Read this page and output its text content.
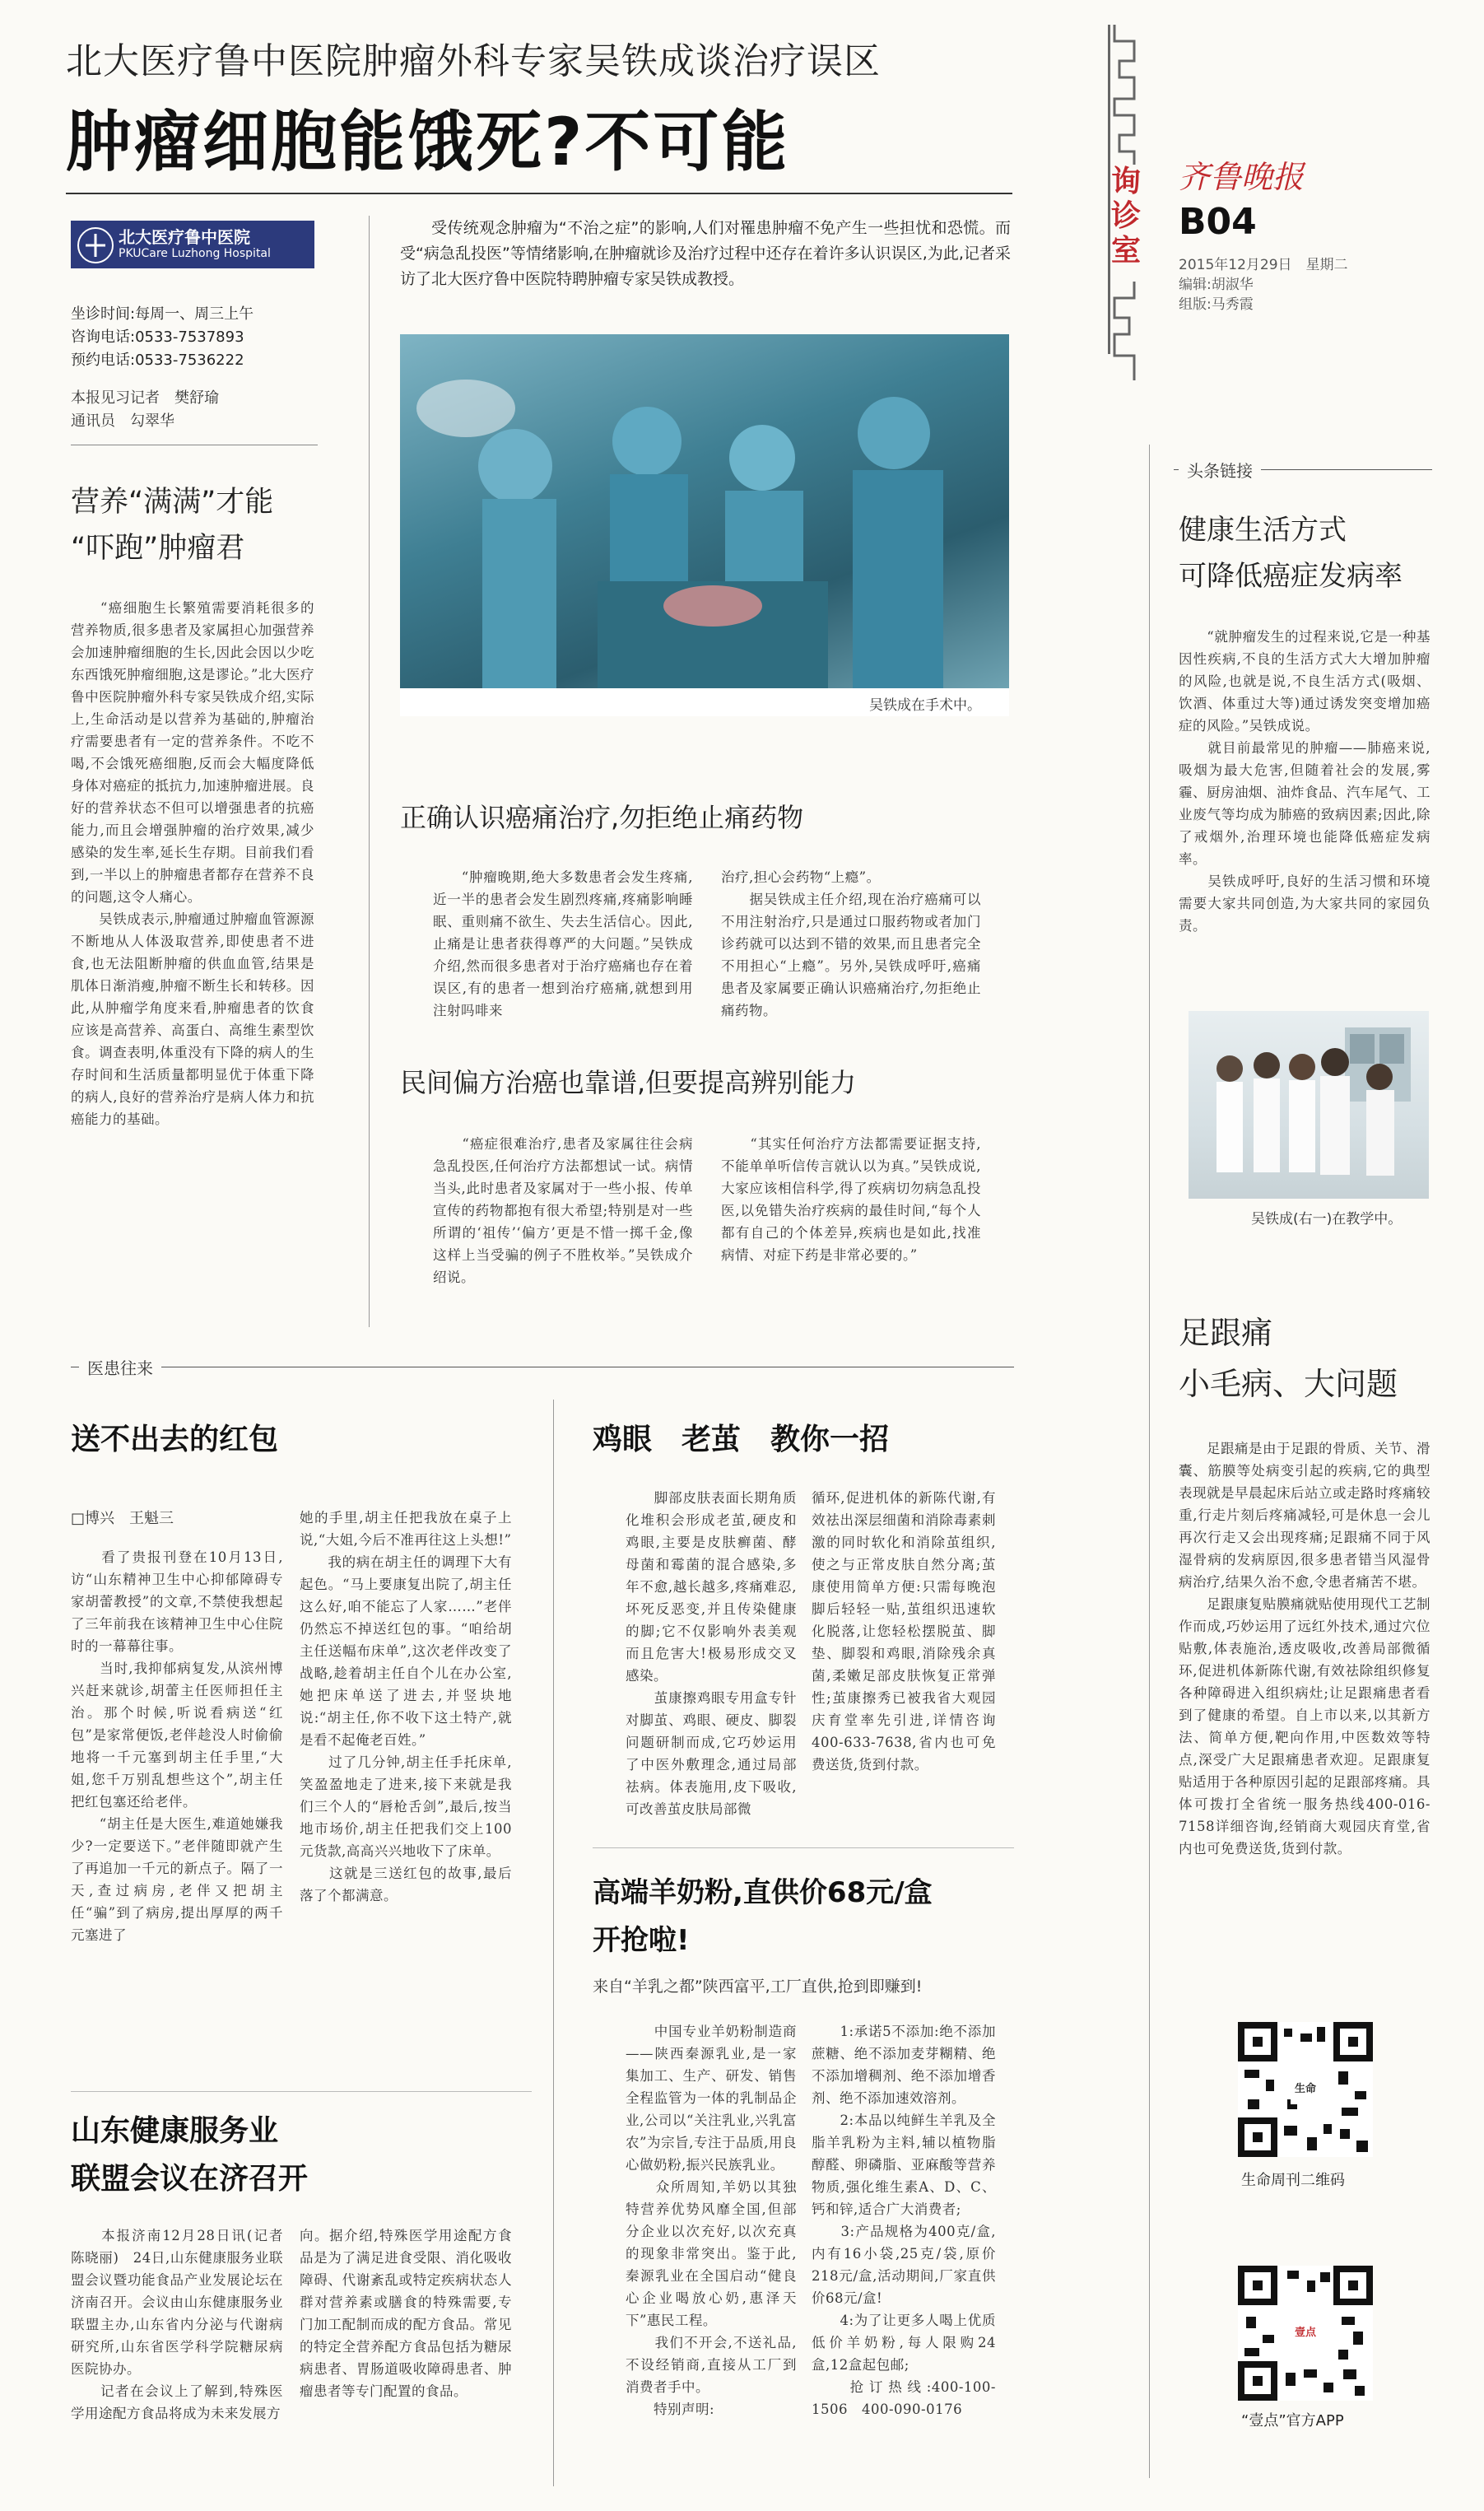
北大医疗鲁中医院肿瘤外科专家吴铁成谈治疗误区
肿瘤细胞能饿死?不可能
北大医疗鲁中医院
PKUCare Luzhong Hospital
坐诊时间:每周一、周三上午
咨询电话:0533-7537893
预约电话:0533-7536222
本报见习记者　樊舒瑜
通讯员　勾翠华
受传统观念肿瘤为“不治之症”的影响,人们对罹患肿瘤不免产生一些担忧和恐慌。而受“病急乱投医”等情绪影响,在肿瘤就诊及治疗过程中还存在着许多认识误区,为此,记者采访了北大医疗鲁中医院特聘肿瘤专家吴铁成教授。
吴铁成在手术中。
营养“满满”才能
“吓跑”肿瘤君
　　“癌细胞生长繁殖需要消耗很多的营养物质,很多患者及家属担心加强营养会加速肿瘤细胞的生长,因此会因以少吃东西饿死肿瘤细胞,这是谬论。”北大医疗鲁中医院肿瘤外科专家吴铁成介绍,实际上,生命活动是以营养为基础的,肿瘤治疗需要患者有一定的营养条件。不吃不喝,不会饿死癌细胞,反而会大幅度降低身体对癌症的抵抗力,加速肿瘤进展。良好的营养状态不但可以增强患者的抗癌能力,而且会增强肿瘤的治疗效果,减少感染的发生率,延长生存期。目前我们看到,一半以上的肿瘤患者都存在营养不良的问题,这令人痛心。
　　吴铁成表示,肿瘤通过肿瘤血管源源不断地从人体汲取营养,即使患者不进食,也无法阻断肿瘤的供血血管,结果是肌体日渐消瘦,肿瘤不断生长和转移。因此,从肿瘤学角度来看,肿瘤患者的饮食应该是高营养、高蛋白、高维生素型饮食。调查表明,体重没有下降的病人的生存时间和生活质量都明显优于体重下降的病人,良好的营养治疗是病人体力和抗癌能力的基础。
正确认识癌痛治疗,勿拒绝止痛药物
　　“肿瘤晚期,绝大多数患者会发生疼痛,近一半的患者会发生剧烈疼痛,疼痛影响睡眠、重则痛不欲生、失去生活信心。因此,止痛是让患者获得尊严的大问题。”吴铁成介绍,然而很多患者对于治疗癌痛也存在着误区,有的患者一想到治疗癌痛,就想到用注射吗啡来
治疗,担心会药物“上瘾”。
　　据吴铁成主任介绍,现在治疗癌痛可以不用注射治疗,只是通过口服药物或者加门诊药就可以达到不错的效果,而且患者完全不用担心“上瘾”。另外,吴铁成呼吁,癌痛患者及家属要正确认识癌痛治疗,勿拒绝止痛药物。
民间偏方治癌也靠谱,但要提高辨别能力
　　“癌症很难治疗,患者及家属往往会病急乱投医,任何治疗方法都想试一试。病情当头,此时患者及家属对于一些小报、传单宣传的药物都抱有很大希望;特别是对一些所谓的‘祖传’‘偏方’更是不惜一掷千金,像这样上当受骗的例子不胜枚举。”吴铁成介绍说。
　　“其实任何治疗方法都需要证据支持,不能单单听信传言就认以为真。”吴铁成说,大家应该相信科学,得了疾病切勿病急乱投医,以免错失治疗疾病的最佳时间,“每个人都有自己的个体差异,疾病也是如此,找准病情、对症下药是非常必要的。”
询诊室
齐鲁晚报
B04
2015年12月29日　星期二
编辑:胡淑华
组版:马秀霞
头条链接
健康生活方式
可降低癌症发病率
　　“就肿瘤发生的过程来说,它是一种基因性疾病,不良的生活方式大大增加肿瘤的风险,也就是说,不良生活方式(吸烟、饮酒、体重过大等)通过诱发突变增加癌症的风险。”吴铁成说。
　　就目前最常见的肿瘤——肺癌来说,吸烟为最大危害,但随着社会的发展,雾霾、厨房油烟、油炸食品、汽车尾气、工业废气等均成为肺癌的致病因素;因此,除了戒烟外,治理环境也能降低癌症发病率。
　　吴铁成呼吁,良好的生活习惯和环境需要大家共同创造,为大家共同的家园负责。
吴铁成(右一)在教学中。
足跟痛
小毛病、大问题
　　足跟痛是由于足跟的骨质、关节、滑囊、筋膜等处病变引起的疾病,它的典型表现就是早晨起床后站立或走路时疼痛较重,行走片刻后疼痛减轻,可是休息一会儿再次行走又会出现疼痛;足跟痛不同于风湿骨病的发病原因,很多患者错当风湿骨病治疗,结果久治不愈,令患者痛苦不堪。
　　足跟康复贴膜痛就贴使用现代工艺制作而成,巧妙运用了远红外技术,通过穴位贴敷,体表施治,透皮吸收,改善局部微循环,促进机体新陈代谢,有效祛除组织修复各种障碍进入组织病灶;让足跟痛患者看到了健康的希望。自上市以来,以其新方法、简单方便,靶向作用,中医数效等特点,深受广大足跟痛患者欢迎。足跟康复贴适用于各种原因引起的足跟部疼痛。具体可拨打全省统一服务热线400-016-7158详细咨询,经销商大观园庆育堂,省内也可免费送货,货到付款。
生命
生命周刊二维码
壹点
“壹点”官方APP
医患往来
送不出去的红包
□博兴　王魁三
　　看了贵报刊登在10月13日,访“山东精神卫生中心抑郁障碍专家胡蕾教授”的文章,不禁使我想起了三年前我在该精神卫生中心住院时的一幕幕往事。
　　当时,我抑郁病复发,从滨州博兴赶来就诊,胡蕾主任医师担任主治。那个时候,听说看病送“红包”是家常便饭,老伴趁没人时偷偷地将一千元塞到胡主任手里,“大姐,您千万别乱想些这个”,胡主任把红包塞还给老伴。
　　“胡主任是大医生,难道她嫌我少?一定要送下。”老伴随即就产生了再追加一千元的新点子。隔了一天,查过病房,老伴又把胡主任“骗”到了病房,提出厚厚的两千元塞进了
她的手里,胡主任把我放在桌子上说,“大姐,今后不准再往这上头想!”
　　我的病在胡主任的调理下大有起色。“马上要康复出院了,胡主任这么好,咱不能忘了人家……”老伴仍然忘不掉送红包的事。“咱给胡主任送幅布床单”,这次老伴改变了战略,趁着胡主任自个儿在办公室,她把床单送了进去,并竖块地说:“胡主任,你不收下这土特产,就是看不起俺老百姓。”
　　过了几分钟,胡主任手托床单,笑盈盈地走了进来,接下来就是我们三个人的“唇枪舌剑”,最后,按当地市场价,胡主任把我们交上100元货款,高高兴兴地收下了床单。
　　这就是三送红包的故事,最后落了个都满意。
山东健康服务业
联盟会议在济召开
　　本报济南12月28日讯(记者　陈晓丽)　24日,山东健康服务业联盟会议暨功能食品产业发展论坛在济南召开。会议由山东健康服务业联盟主办,山东省内分泌与代谢病研究所,山东省医学科学院糖尿病医院协办。
　　记者在会议上了解到,特殊医学用途配方食品将成为未来发展方
向。据介绍,特殊医学用途配方食品是为了满足进食受限、消化吸收障碍、代谢紊乱或特定疾病状态人群对营养素或膳食的特殊需要,专门加工配制而成的配方食品。常见的特定全营养配方食品包括为糖尿病患者、胃肠道吸收障碍患者、肿瘤患者等专门配置的食品。
鸡眼　老茧　教你一招
　　脚部皮肤表面长期角质化堆积会形成老茧,硬皮和鸡眼,主要是皮肤癣菌、酵母菌和霉菌的混合感染,多年不愈,越长越多,疼痛难忍,坏死反恶变,并且传染健康的脚;它不仅影响外表美观而且危害大!极易形成交叉感染。
　　茧康擦鸡眼专用盒专针对脚茧、鸡眼、硬皮、脚裂问题研制而成,它巧妙运用了中医外敷理念,通过局部祛病。体表施用,皮下吸收,可改善茧皮肤局部微
循环,促进机体的新陈代谢,有效祛出深层细菌和消除毒素刺激的同时软化和消除茧组织,使之与正常皮肤自然分离;茧康使用简单方便:只需每晚泡脚后轻轻一贴,茧组织迅速软化脱落,让您轻松摆脱茧、脚垫、脚裂和鸡眼,消除残余真菌,柔嫩足部皮肤恢复正常弹性;茧康擦秀已被我省大观园庆育堂率先引进,详情咨询400-633-7638,省内也可免费送货,货到付款。
高端羊奶粉,直供价68元/盒
开抢啦!
来自“羊乳之都”陕西富平,工厂直供,抢到即赚到!
　　中国专业羊奶粉制造商——陕西秦源乳业,是一家集加工、生产、研发、销售全程监管为一体的乳制品企业,公司以“关注乳业,兴乳富农”为宗旨,专注于品质,用良心做奶粉,振兴民族乳业。
　　众所周知,羊奶以其独特营养优势风靡全国,但部分企业以次充好,以次充真的现象非常突出。鉴于此,秦源乳业在全国启动“健良心企业喝放心奶,惠泽天下”惠民工程。
　　我们不开会,不送礼品,不设经销商,直接从工厂到消费者手中。
　　特别声明:
　　1:承诺5不添加:绝不添加蔗糖、绝不添加麦芽糊精、绝不添加增稠剂、绝不添加增香剂、绝不添加速效溶剂。
　　2:本品以纯鲜生羊乳及全脂羊乳粉为主料,辅以植物脂醇醛、卵磷脂、亚麻酸等营养物质,强化维生素A、D、C、钙和锌,适合广大消费者;
　　3:产品规格为400克/盒,内有16小袋,25克/袋,原价218元/盒,活动期间,厂家直供价68元/盒!
　　4:为了让更多人喝上优质低价羊奶粉,每人限购24盒,12盒起包邮;
　　抢订热线:400-100-1506　400-090-0176
